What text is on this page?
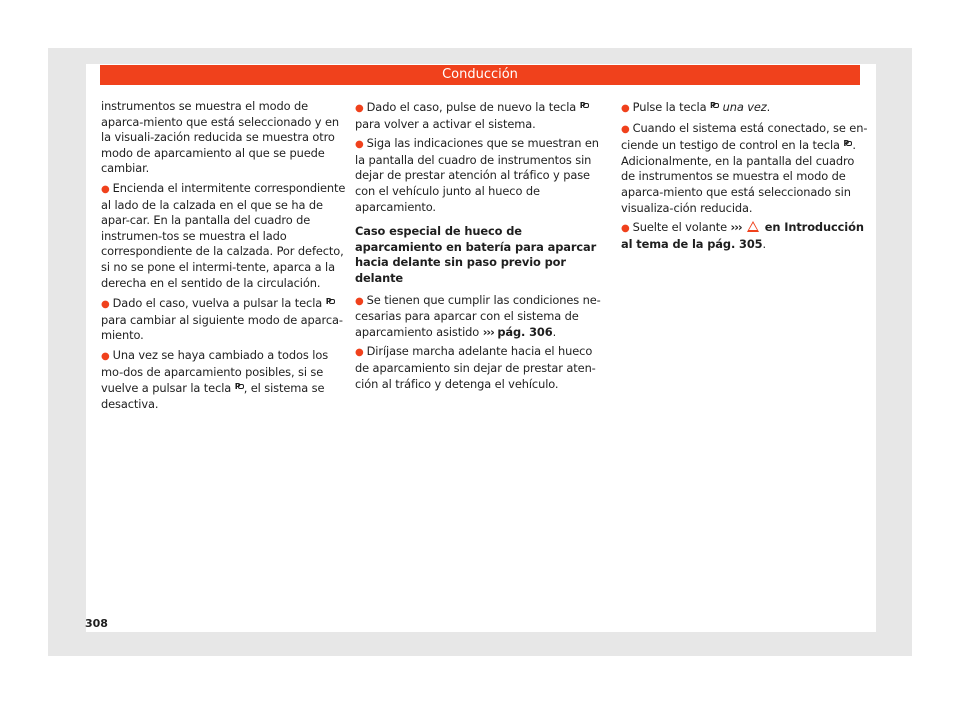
Conducción

instrumentos se muestra el modo de aparca-miento que está seleccionado y en la visuali-zación reducida se muestra otro modo de aparcamiento al que se puede cambiar.

● Encienda el intermitente correspondiente al lado de la calzada en el que se ha de apar-car. En la pantalla del cuadro de instrumen-tos se muestra el lado correspondiente de la calzada. Por defecto, si no se pone el intermi-tente, aparca a la derecha en el sentido de la circulación.

● Dado el caso, vuelva a pulsar la tecla P

para cambiar al siguiente modo de aparca-miento.

● Una vez se haya cambiado a todos los mo-dos de aparcamiento posibles, si se vuelve a pulsar la tecla P , el sistema se desactiva.

● Dado el caso, pulse de nuevo la tecla P

para volver a activar el sistema.

● Siga las indicaciones que se muestran en la pantalla del cuadro de instrumentos sin dejar de prestar atención al tráfico y pase con el vehículo junto al hueco de aparcamiento.

Caso especial de hueco de aparcamiento en batería para aparcar hacia delante sin paso previo por delante

● Se tienen que cumplir las condiciones ne-cesarias para aparcar con el sistema de aparcamiento asistido ››› pág. 306.

● Diríjase marcha adelante hacia el hueco de aparcamiento sin dejar de prestar aten-ción al tráfico y detenga el vehículo.

● Pulse la tecla P una vez.

● Cuando el sistema está conectado, se en-ciende un testigo de control en la tecla P . Adicionalmente, en la pantalla del cuadro de instrumentos se muestra el modo de aparca-miento que está seleccionado sin visualiza-ción reducida.

● Suelte el volante ››› en Introducción al tema de la pág. 305.

308
